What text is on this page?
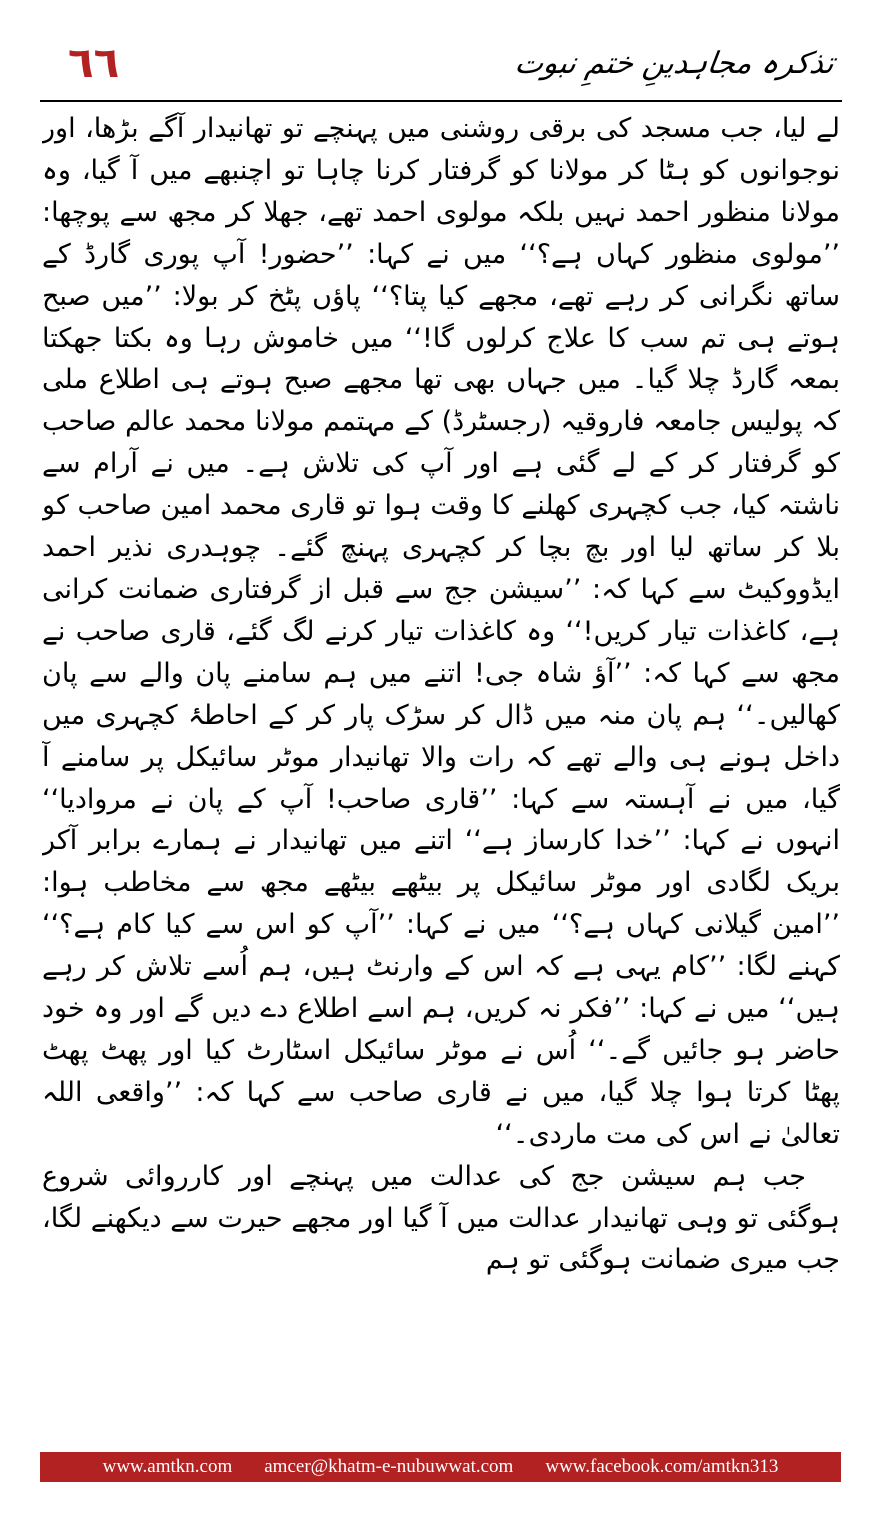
٦٦	تذکرہ مجاہدینِ ختمِ نبوت

لے لیا، جب مسجد کی برقی روشنی میں پہنچے تو تھانیدار آگے بڑھا، اور نوجوانوں کو ہٹا کر مولانا کو گرفتار کرنا چاہا تو اچنبھے میں آ گیا، وہ مولانا منظور احمد نہیں بلکہ مولوی احمد تھے، جھلا کر مجھ سے پوچھا: ’’مولوی منظور کہاں ہے؟‘‘ میں نے کہا: ’’حضور! آپ پوری گارڈ کے ساتھ نگرانی کر رہے تھے، مجھے کیا پتا؟‘‘ پاؤں پٹخ کر بولا: ’’میں صبح ہوتے ہی تم سب کا علاج کرلوں گا!‘‘ میں خاموش رہا وہ بکتا جھکتا بمعہ گارڈ چلا گیا۔ میں جہاں بھی تھا مجھے صبح ہوتے ہی اطلاع ملی کہ پولیس جامعہ فاروقیہ (رجسٹرڈ) کے مہتمم مولانا محمد عالم صاحب کو گرفتار کر کے لے گئی ہے اور آپ کی تلاش ہے۔ میں نے آرام سے ناشتہ کیا، جب کچہری کھلنے کا وقت ہوا تو قاری محمد امین صاحب کو بلا کر ساتھ لیا اور بچ بچا کر کچہری پہنچ گئے۔ چوہدری نذیر احمد ایڈووکیٹ سے کہا کہ: ’’سیشن جج سے قبل از گرفتاری ضمانت کرانی ہے، کاغذات تیار کریں!‘‘ وہ کاغذات تیار کرنے لگ گئے، قاری صاحب نے مجھ سے کہا کہ: ’’آؤ شاہ جی! اتنے میں ہم سامنے پان والے سے پان کھالیں۔‘‘ ہم پان منہ میں ڈال کر سڑک پار کر کے احاطۂ کچہری میں داخل ہونے ہی والے تھے کہ رات والا تھانیدار موٹر سائیکل پر سامنے آ گیا، میں نے آہستہ سے کہا: ’’قاری صاحب! آپ کے پان نے مروادیا‘‘ انہوں نے کہا: ’’خدا کارساز ہے‘‘ اتنے میں تھانیدار نے ہمارے برابر آکر بریک لگادی اور موٹر سائیکل پر بیٹھے بیٹھے مجھ سے مخاطب ہوا: ’’امین گیلانی کہاں ہے؟‘‘ میں نے کہا: ’’آپ کو اس سے کیا کام ہے؟‘‘ کہنے لگا: ’’کام یہی ہے کہ اس کے وارنٹ ہیں، ہم اُسے تلاش کر رہے ہیں‘‘ میں نے کہا: ’’فکر نہ کریں، ہم اسے اطلاع دے دیں گے اور وہ خود حاضر ہو جائیں گے۔‘‘ اُس نے موٹر سائیکل اسٹارٹ کیا اور پھٹ پھٹ پھٹا کرتا ہوا چلا گیا، میں نے قاری صاحب سے کہا کہ: ’’واقعی اللہ تعالیٰ نے اس کی مت ماردی۔‘‘

جب ہم سیشن جج کی عدالت میں پہنچے اور کارروائی شروع ہوگئی تو وہی تھانیدار عدالت میں آ گیا اور مجھے حیرت سے دیکھنے لگا، جب میری ضمانت ہوگئی تو ہم

www.amtkn.com amcer@khatm-e-nubuwwat.com www.facebook.com/amtkn313
